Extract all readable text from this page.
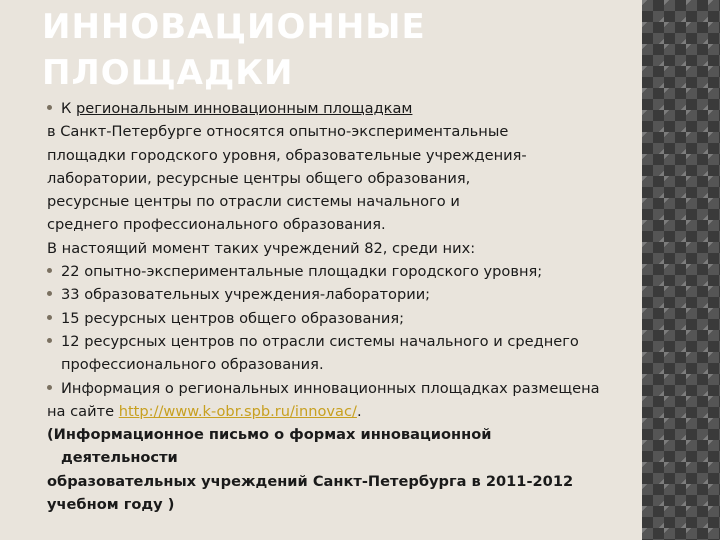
ИННОВАЦИОННЫЕ
ПЛОЩАДКИ
К региональным инновационным площадкам
в Санкт-Петербурге относятся опытно-экспериментальные
площадки городского уровня, образовательные учреждения-
лаборатории, ресурсные центры общего образования,
ресурсные центры по отрасли системы начального и
среднего профессионального образования.
В настоящий момент таких учреждений 82, среди них:
22 опытно-экспериментальные площадки городского уровня;
33 образовательных учреждения-лаборатории;
15 ресурсных центров общего образования;
12 ресурсных центров по отрасли системы начального и среднего
профессионального образования.
Информация о региональных инновационных площадках размещена
на сайте http://www.k-obr.spb.ru/innovac/.
(Информационное письмо о формах инновационной
деятельности
образовательных учреждений Санкт-Петербурга в 2011-2012
учебном году )
